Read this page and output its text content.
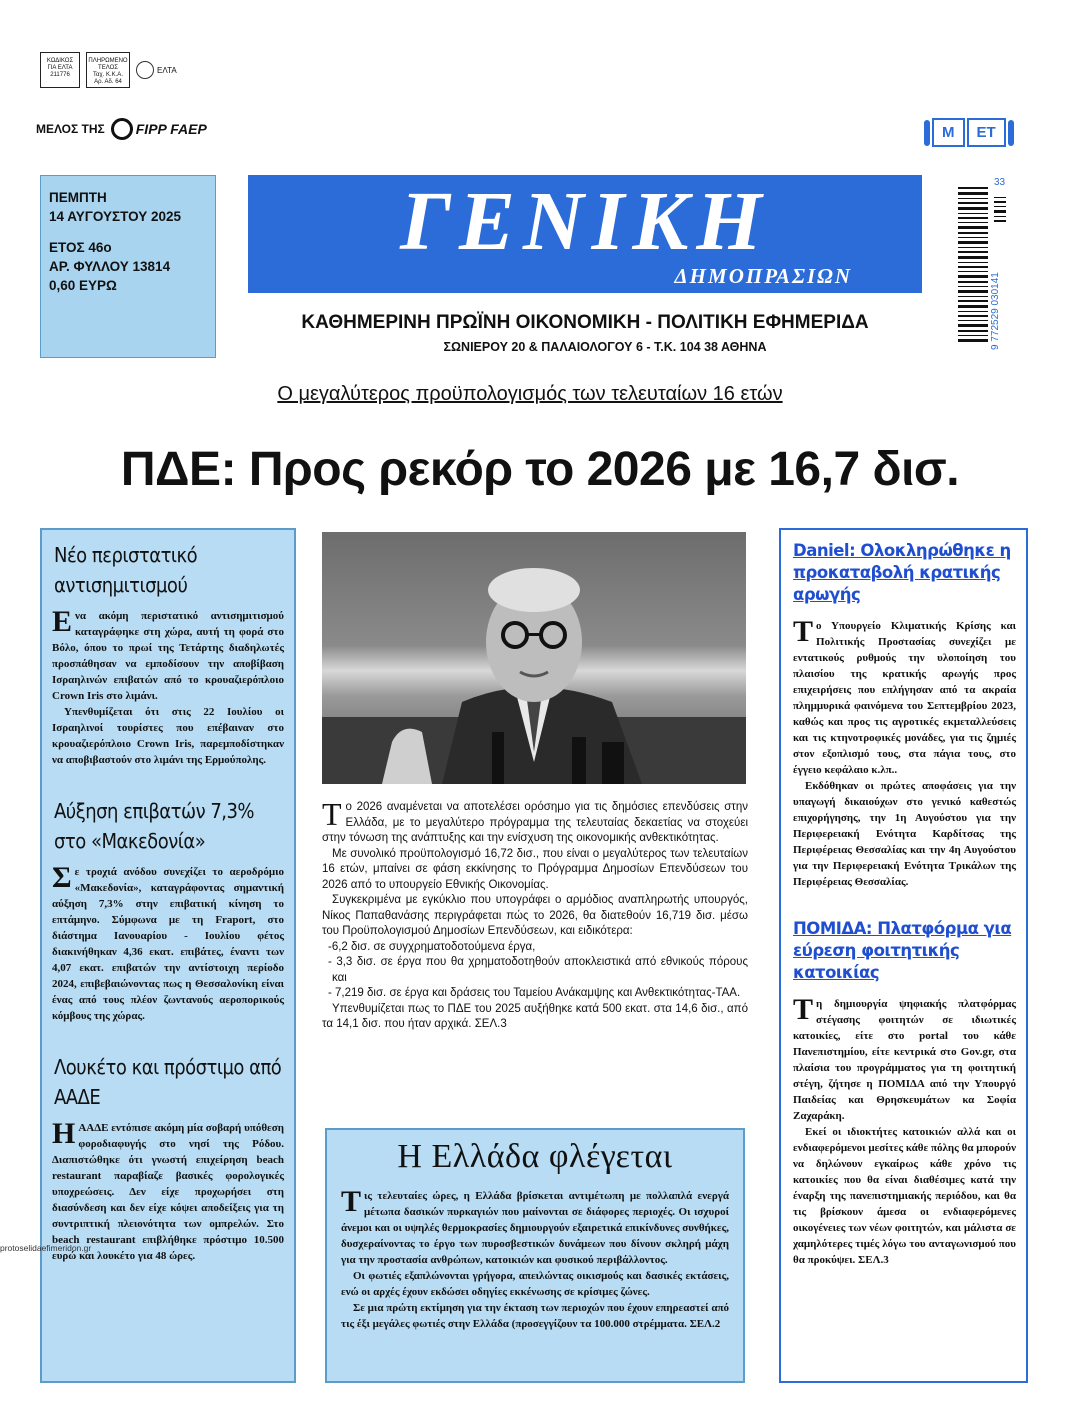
ΚΩΔΙΚΟΣ
ΓΙΑ ΕΛΤΑ
211776
ΠΛΗΡΩΜΕΝΟ
ΤΕΛΟΣ
Ταχ. Κ.Κ.Α.
Αρ. Αδ. 64
ΕΛΤΑ
ΜΕΛΟΣ ΤΗΣ FIPP FAEP
ΠΕΜΠΤΗ
14 ΑΥΓΟΥΣΤΟΥ 2025
ΕΤΟΣ 46ο
ΑΡ. ΦΥΛΛΟΥ 13814
0,60 ΕΥΡΩ
ΓΕΝΙΚΗ
ΔΗΜΟΠΡΑΣΙΩΝ
ΚΑΘΗΜΕΡΙΝΗ ΠΡΩΪΝΗ ΟΙΚΟΝΟΜΙΚΗ - ΠΟΛΙΤΙΚΗ ΕΦΗΜΕΡΙΔΑ
ΣΩΝΙΕΡΟΥ 20 & ΠΑΛΑΙΟΛΟΓΟΥ 6 - Τ.Κ. 104 38 ΑΘΗΝΑ
Μ	ΕΤ
9 772529 030141
33
Ο μεγαλύτερος προϋπολογισμός των τελευταίων 16 ετών
ΠΔΕ: Προς ρεκόρ το 2026 με 16,7 δισ.
Νέο περιστατικό αντισημιτισμού

Ενα ακόμη περιστατικό αντισημιτισμού καταγράφηκε στη χώρα, αυτή τη φορά στο Βόλο, όπου το πρωί της Τετάρτης διαδηλωτές προσπάθησαν να εμποδίσουν την αποβίβαση Ισραηλινών επιβατών από το κρουαζιερόπλοιο Crown Iris στο λιμάνι.

Υπενθυμίζεται ότι στις 22 Ιουλίου οι Ισραηλινοί τουρίστες που επέβαιναν στο κρουαζιερόπλοιο Crown Iris, παρεμποδίστηκαν να αποβιβαστούν στο λιμάνι της Ερμούπολης.

Αύξηση επιβατών 7,3% στο «Μακεδονία»

Σε τροχιά ανόδου συνεχίζει το αεροδρόμιο «Μακεδονία», καταγράφοντας σημαντική αύξηση 7,3% στην επιβατική κίνηση το επτάμηνο. Σύμφωνα με τη Fraport, στο διάστημα Ιανουαρίου - Ιουλίου φέτος διακινήθηκαν 4,36 εκατ. επιβάτες, έναντι των 4,07 εκατ. επιβατών την αντίστοιχη περίοδο 2024, επιβεβαιώνοντας πως η Θεσσαλονίκη είναι ένας από τους πλέον ζωντανούς αεροπορικούς κόμβους της χώρας.

Λουκέτο και πρόστιμο από ΑΑΔΕ

ΗΑΑΔΕ εντόπισε ακόμη μία σοβαρή υπόθεση φοροδιαφυγής στο νησί της Ρόδου. Διαπιστώθηκε ότι γνωστή επιχείρηση beach restaurant παραβίαζε βασικές φορολογικές υποχρεώσεις. Δεν είχε προχωρήσει στη διασύνδεση και δεν είχε κόψει αποδείξεις για τη συντριπτική πλειονότητα των ομπρελών. Στο beach restaurant επιβλήθηκε πρόστιμο 10.500 ευρώ και λουκέτο για 48 ώρες.

Το 2026 αναμένεται να αποτελέσει ορόσημο για τις δημόσιες επενδύσεις στην Ελλάδα, με το μεγαλύτερο πρόγραμμα της τελευταίας δεκαετίας να στοχεύει στην τόνωση της ανάπτυξης και την ενίσχυση της οικονομικής ανθεκτικότητας.

Με συνολικό προϋπολογισμό 16,72 δισ., που είναι ο μεγαλύτερος των τελευταίων 16 ετών, μπαίνει σε φάση εκκίνησης το Πρόγραμμα Δημοσίων Επενδύσεων του 2026 από το υπουργείο Εθνικής Οικονομίας.

Συγκεκριμένα με εγκύκλιο που υπογράφει ο αρμόδιος αναπληρωτής υπουργός, Νίκος Παπαθανάσης περιγράφεται πώς το 2026, θα διατεθούν 16,719 δισ. μέσω του Προϋπολογισμού Δημοσίων Επενδύσεων, και ειδικότερα:

-6,2 δισ. σε συγχρηματοδοτούμενα έργα,

- 3,3 δισ. σε έργα που θα χρηματοδοτηθούν αποκλειστικά από εθνικούς πόρους και

- 7,219 δισ. σε έργα και δράσεις του Ταμείου Ανάκαμψης και Ανθεκτικότητας-ΤΑΑ.

Υπενθυμίζεται πως το ΠΔΕ του 2025 αυξήθηκε κατά 500 εκατ. στα 14,6 δισ., από τα 14,1 δισ. που ήταν αρχικά. ΣΕΛ.3

Η Ελλάδα φλέγεται

Τις τελευταίες ώρες, η Ελλάδα βρίσκεται αντιμέτωπη με πολλαπλά ενεργά μέτωπα δασικών πυρκαγιών που μαίνονται σε διάφορες περιοχές. Οι ισχυροί άνεμοι και οι υψηλές θερμοκρασίες δημιουργούν εξαιρετικά επικίνδυνες συνθήκες, δυσχεραίνοντας το έργο των πυροσβεστικών δυνάμεων που δίνουν σκληρή μάχη για την προστασία ανθρώπων, κατοικιών και φυσικού περιβάλλοντος.

Οι φωτιές εξαπλώνονται γρήγορα, απειλώντας οικισμούς και δασικές εκτάσεις, ενώ οι αρχές έχουν εκδώσει οδηγίες εκκένωσης σε κρίσιμες ζώνες.

Σε μια πρώτη εκτίμηση για την έκταση των περιοχών που έχουν επηρεαστεί από τις έξι μεγάλες φωτιές στην Ελλάδα (προσεγγίζουν τα 100.000 στρέμματα. ΣΕΛ.2

Daniel: Ολοκληρώθηκε η προκαταβολή κρατικής αρωγής

Το Υπουργείο Κλιματικής Κρίσης και Πολιτικής Προστασίας συνεχίζει με εντατικούς ρυθμούς την υλοποίηση του πλαισίου της κρατικής αρωγής προς επιχειρήσεις που επλήγησαν από τα ακραία πλημμυρικά φαινόμενα του Σεπτεμβρίου 2023, καθώς και προς τις αγροτικές εκμεταλλεύσεις και τις κτηνοτροφικές μονάδες, για τις ζημιές στον εξοπλισμό τους, στα πάγια τους, στο έγγειο κεφάλαιο κ.λπ..

Εκδόθηκαν οι πρώτες αποφάσεις για την υπαγωγή δικαιούχων στο γενικό καθεστώς επιχορήγησης, την 1η Αυγούστου για την Περιφερειακή Ενότητα Καρδίτσας της Περιφέρειας Θεσσαλίας και την 4η Αυγούστου για την Περιφερειακή Ενότητα Τρικάλων της Περιφέρειας Θεσσαλίας.

ΠΟΜΙΔΑ: Πλατφόρμα για εύρεση φοιτητικής κατοικίας

Τη δημιουργία ψηφιακής πλατφόρμας στέγασης φοιτητών σε ιδιωτικές κατοικίες, είτε στο portal του κάθε Πανεπιστημίου, είτε κεντρικά στο Gov.gr, στα πλαίσια του προγράμματος για τη φοιτητική στέγη, ζήτησε η ΠΟΜΙΔΑ από την Υπουργό Παιδείας και Θρησκευμάτων κα Σοφία Ζαχαράκη.

Εκεί οι ιδιοκτήτες κατοικιών αλλά και οι ενδιαφερόμενοι μεσίτες κάθε πόλης θα μπορούν να δηλώνουν εγκαίρως κάθε χρόνο τις κατοικίες που θα είναι διαθέσιμες κατά την έναρξη της πανεπιστημιακής περιόδου, και θα τις βρίσκουν άμεσα οι ενδιαφερόμενες οικογένειες των νέων φοιτητών, και μάλιστα σε χαμηλότερες τιμές λόγω του ανταγωνισμού που θα προκύψει. ΣΕΛ.3

protoselidaefimeridon.gr
